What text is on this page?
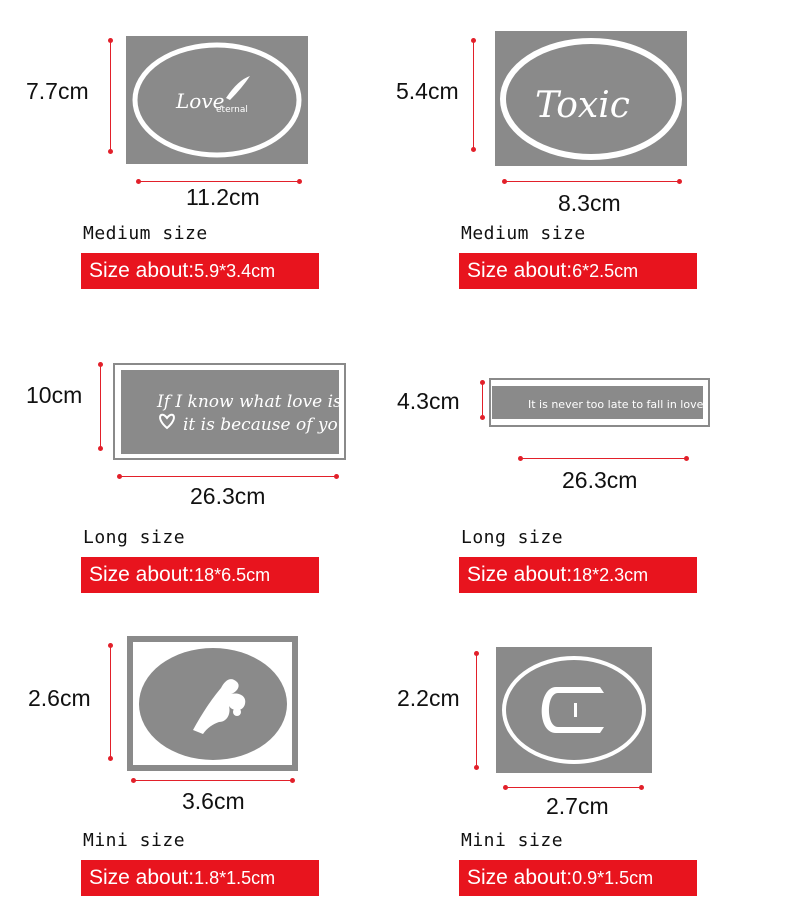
Love
eternal
7.7cm
11.2cm
Medium size
Size about: 5.9*3.4cm
Toxic
5.4cm
8.3cm
Medium size
Size about: 6*2.5cm
If I know what love is
it is because of you
10cm
26.3cm
Long size
Size about: 18*6.5cm
It is never too late to fall in love
4.3cm
26.3cm
Long size
Size about: 18*2.3cm
2.6cm
3.6cm
Mini size
Size about: 1.8*1.5cm
2.2cm
2.7cm
Mini size
Size about: 0.9*1.5cm
